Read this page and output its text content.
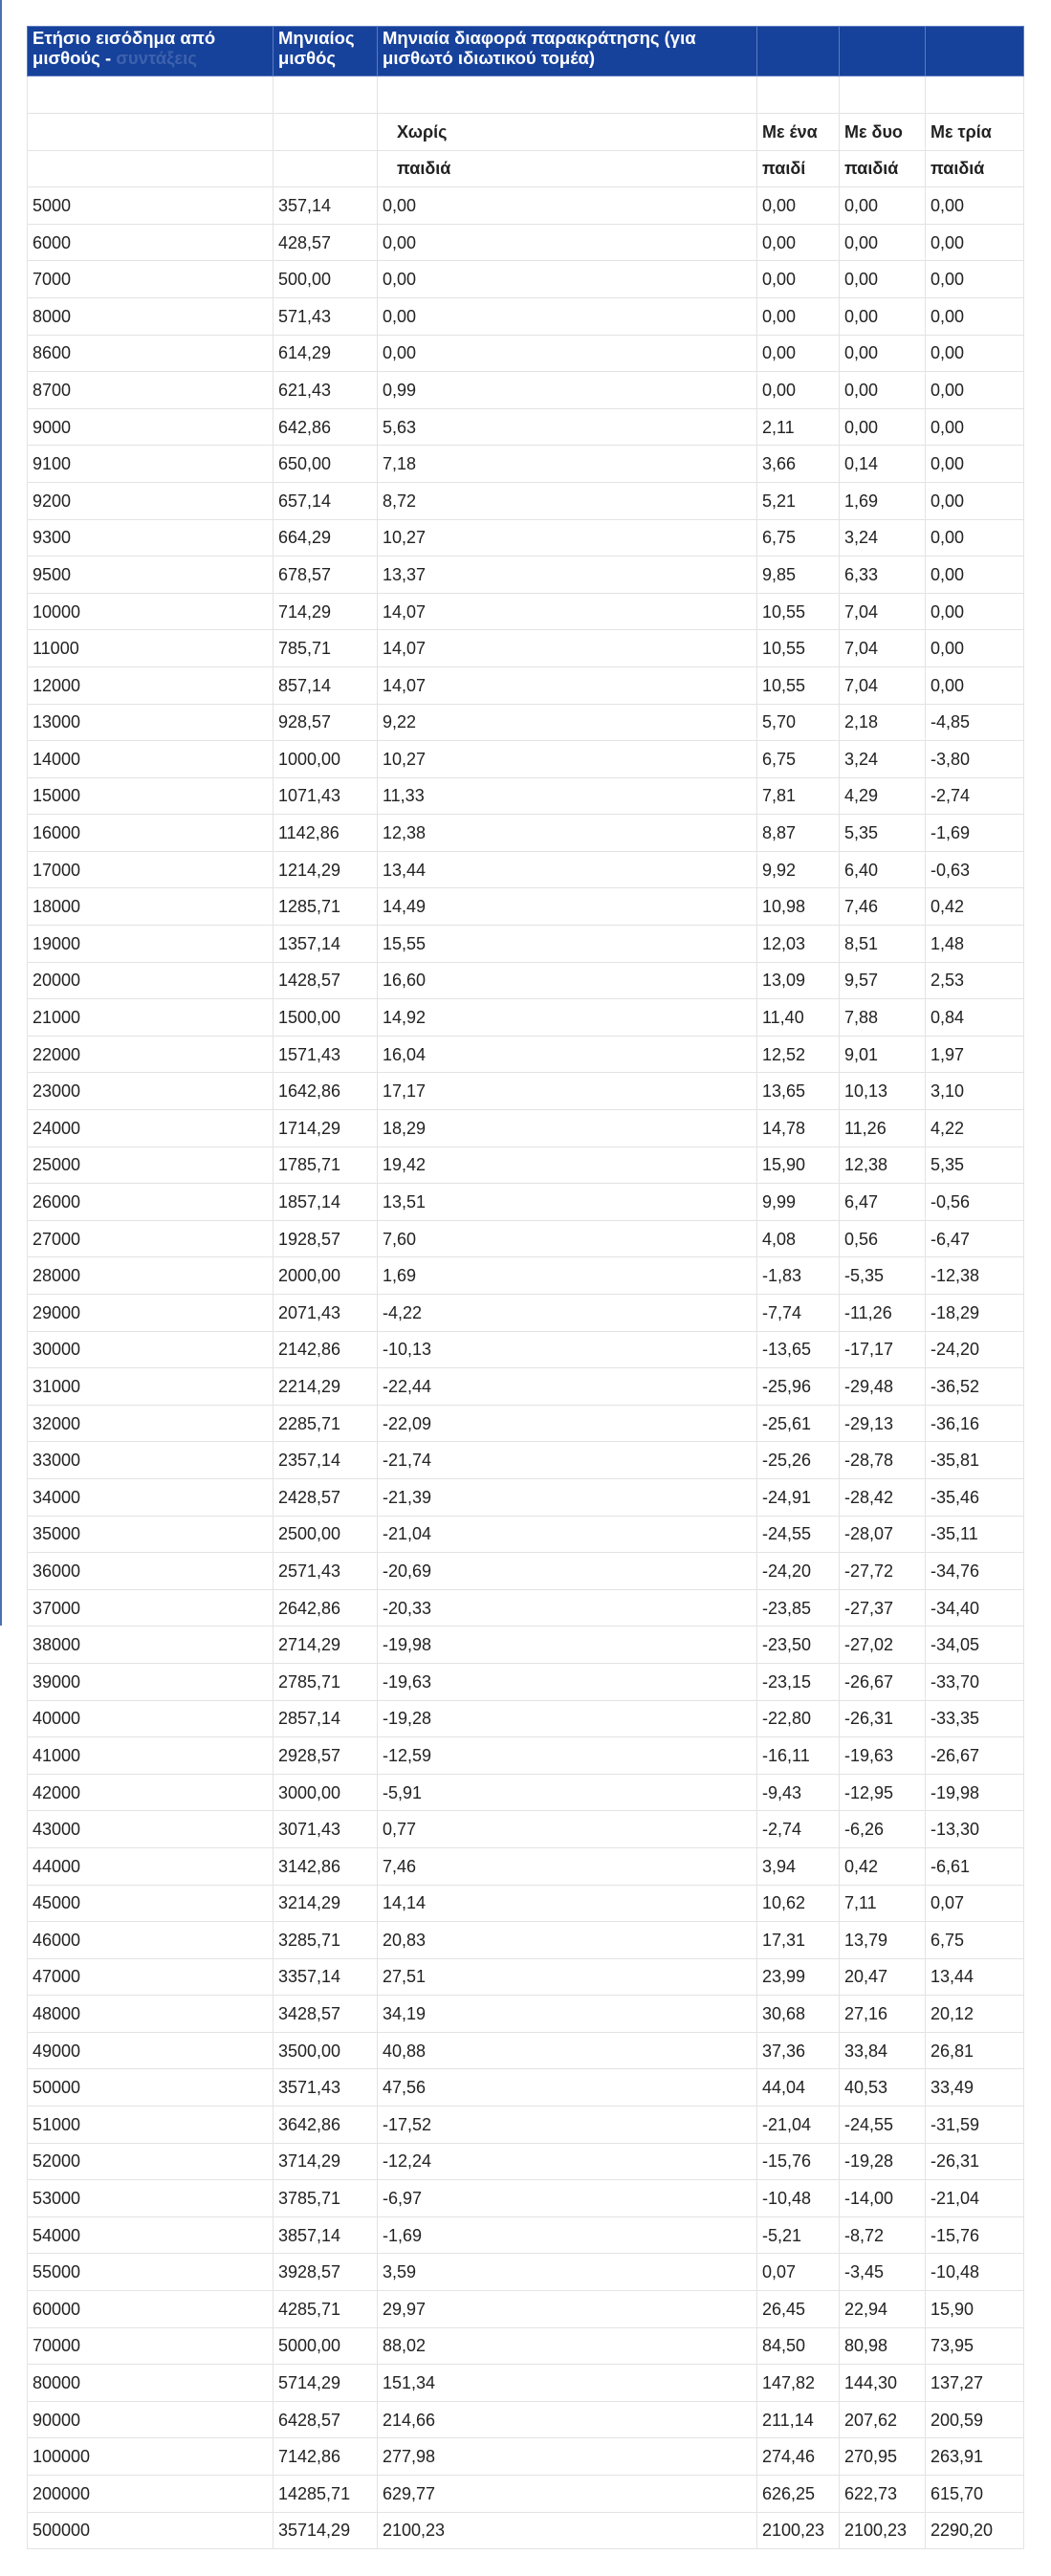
Ετήσιο εισόδημα από μισθούς - συντάξεις	Μηνιαίος μισθός	Μηνιαία διαφορά παρακράτησης (για μισθωτό ιδιωτικού τομέα)			

		Χωρίς	Με ένα	Με δυο	Με τρία
		παιδιά	παιδί	παιδιά	παιδιά
5000	357,14	0,00	0,00	0,00	0,00
6000	428,57	0,00	0,00	0,00	0,00
7000	500,00	0,00	0,00	0,00	0,00
8000	571,43	0,00	0,00	0,00	0,00
8600	614,29	0,00	0,00	0,00	0,00
8700	621,43	0,99	0,00	0,00	0,00
9000	642,86	5,63	2,11	0,00	0,00
9100	650,00	7,18	3,66	0,14	0,00
9200	657,14	8,72	5,21	1,69	0,00
9300	664,29	10,27	6,75	3,24	0,00
9500	678,57	13,37	9,85	6,33	0,00
10000	714,29	14,07	10,55	7,04	0,00
11000	785,71	14,07	10,55	7,04	0,00
12000	857,14	14,07	10,55	7,04	0,00
13000	928,57	9,22	5,70	2,18	-4,85
14000	1000,00	10,27	6,75	3,24	-3,80
15000	1071,43	11,33	7,81	4,29	-2,74
16000	1142,86	12,38	8,87	5,35	-1,69
17000	1214,29	13,44	9,92	6,40	-0,63
18000	1285,71	14,49	10,98	7,46	0,42
19000	1357,14	15,55	12,03	8,51	1,48
20000	1428,57	16,60	13,09	9,57	2,53
21000	1500,00	14,92	11,40	7,88	0,84
22000	1571,43	16,04	12,52	9,01	1,97
23000	1642,86	17,17	13,65	10,13	3,10
24000	1714,29	18,29	14,78	11,26	4,22
25000	1785,71	19,42	15,90	12,38	5,35
26000	1857,14	13,51	9,99	6,47	-0,56
27000	1928,57	7,60	4,08	0,56	-6,47
28000	2000,00	1,69	-1,83	-5,35	-12,38
29000	2071,43	-4,22	-7,74	-11,26	-18,29
30000	2142,86	-10,13	-13,65	-17,17	-24,20
31000	2214,29	-22,44	-25,96	-29,48	-36,52
32000	2285,71	-22,09	-25,61	-29,13	-36,16
33000	2357,14	-21,74	-25,26	-28,78	-35,81
34000	2428,57	-21,39	-24,91	-28,42	-35,46
35000	2500,00	-21,04	-24,55	-28,07	-35,11
36000	2571,43	-20,69	-24,20	-27,72	-34,76
37000	2642,86	-20,33	-23,85	-27,37	-34,40
38000	2714,29	-19,98	-23,50	-27,02	-34,05
39000	2785,71	-19,63	-23,15	-26,67	-33,70
40000	2857,14	-19,28	-22,80	-26,31	-33,35
41000	2928,57	-12,59	-16,11	-19,63	-26,67
42000	3000,00	-5,91	-9,43	-12,95	-19,98
43000	3071,43	0,77	-2,74	-6,26	-13,30
44000	3142,86	7,46	3,94	0,42	-6,61
45000	3214,29	14,14	10,62	7,11	0,07
46000	3285,71	20,83	17,31	13,79	6,75
47000	3357,14	27,51	23,99	20,47	13,44
48000	3428,57	34,19	30,68	27,16	20,12
49000	3500,00	40,88	37,36	33,84	26,81
50000	3571,43	47,56	44,04	40,53	33,49
51000	3642,86	-17,52	-21,04	-24,55	-31,59
52000	3714,29	-12,24	-15,76	-19,28	-26,31
53000	3785,71	-6,97	-10,48	-14,00	-21,04
54000	3857,14	-1,69	-5,21	-8,72	-15,76
55000	3928,57	3,59	0,07	-3,45	-10,48
60000	4285,71	29,97	26,45	22,94	15,90
70000	5000,00	88,02	84,50	80,98	73,95
80000	5714,29	151,34	147,82	144,30	137,27
90000	6428,57	214,66	211,14	207,62	200,59
100000	7142,86	277,98	274,46	270,95	263,91
200000	14285,71	629,77	626,25	622,73	615,70
500000	35714,29	2100,23	2100,23	2100,23	2290,20
